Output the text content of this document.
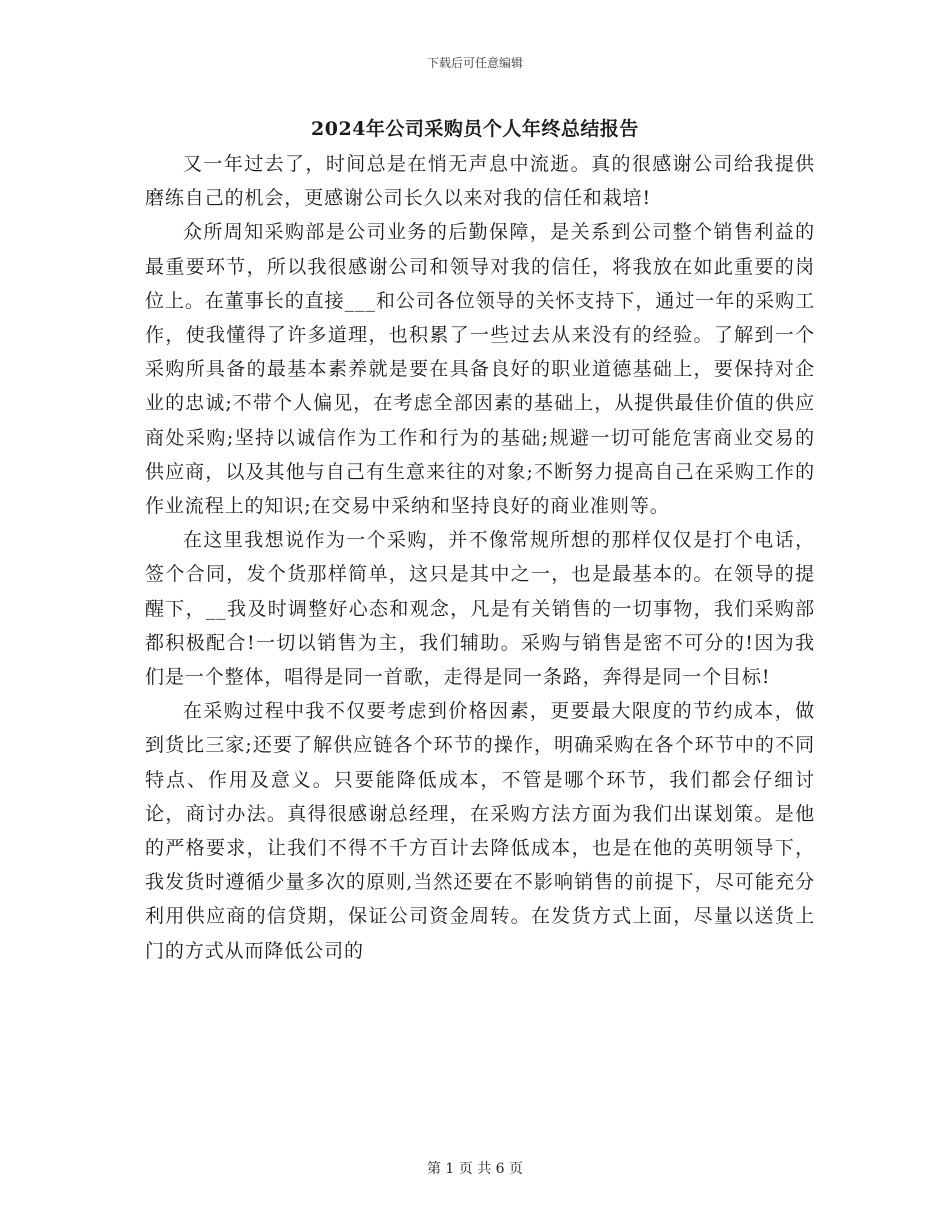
下载后可任意编辑
2024年公司采购员个人年终总结报告

又一年过去了，时间总是在悄无声息中流逝。真的很感谢公司给我提供磨练自己的机会，更感谢公司长久以来对我的信任和栽培!

众所周知采购部是公司业务的后勤保障，是关系到公司整个销售利益的最重要环节，所以我很感谢公司和领导对我的信任，将我放在如此重要的岗位上。在董事长的直接___和公司各位领导的关怀支持下，通过一年的采购工作，使我懂得了许多道理，也积累了一些过去从来没有的经验。了解到一个采购所具备的最基本素养就是要在具备良好的职业道德基础上，要保持对企业的忠诚;不带个人偏见，在考虑全部因素的基础上，从提供最佳价值的供应商处采购;坚持以诚信作为工作和行为的基础;规避一切可能危害商业交易的供应商，以及其他与自己有生意来往的对象;不断努力提高自己在采购工作的作业流程上的知识;在交易中采纳和坚持良好的商业准则等。

在这里我想说作为一个采购，并不像常规所想的那样仅仅是打个电话，签个合同，发个货那样简单，这只是其中之一，也是最基本的。在领导的提醒下，__我及时调整好心态和观念，凡是有关销售的一切事物，我们采购部都积极配合!一切以销售为主，我们辅助。采购与销售是密不可分的!因为我们是一个整体，唱得是同一首歌，走得是同一条路，奔得是同一个目标!

在采购过程中我不仅要考虑到价格因素，更要最大限度的节约成本，做到货比三家;还要了解供应链各个环节的操作，明确采购在各个环节中的不同特点、作用及意义。只要能降低成本，不管是哪个环节，我们都会仔细讨论，商讨办法。真得很感谢总经理，在采购方法方面为我们出谋划策。是他的严格要求，让我们不得不千方百计去降低成本，也是在他的英明领导下，我发货时遵循少量多次的原则,当然还要在不影响销售的前提下，尽可能充分利用供应商的信贷期，保证公司资金周转。在发货方式上面，尽量以送货上门的方式从而降低公司的

第 1 页 共 6 页
